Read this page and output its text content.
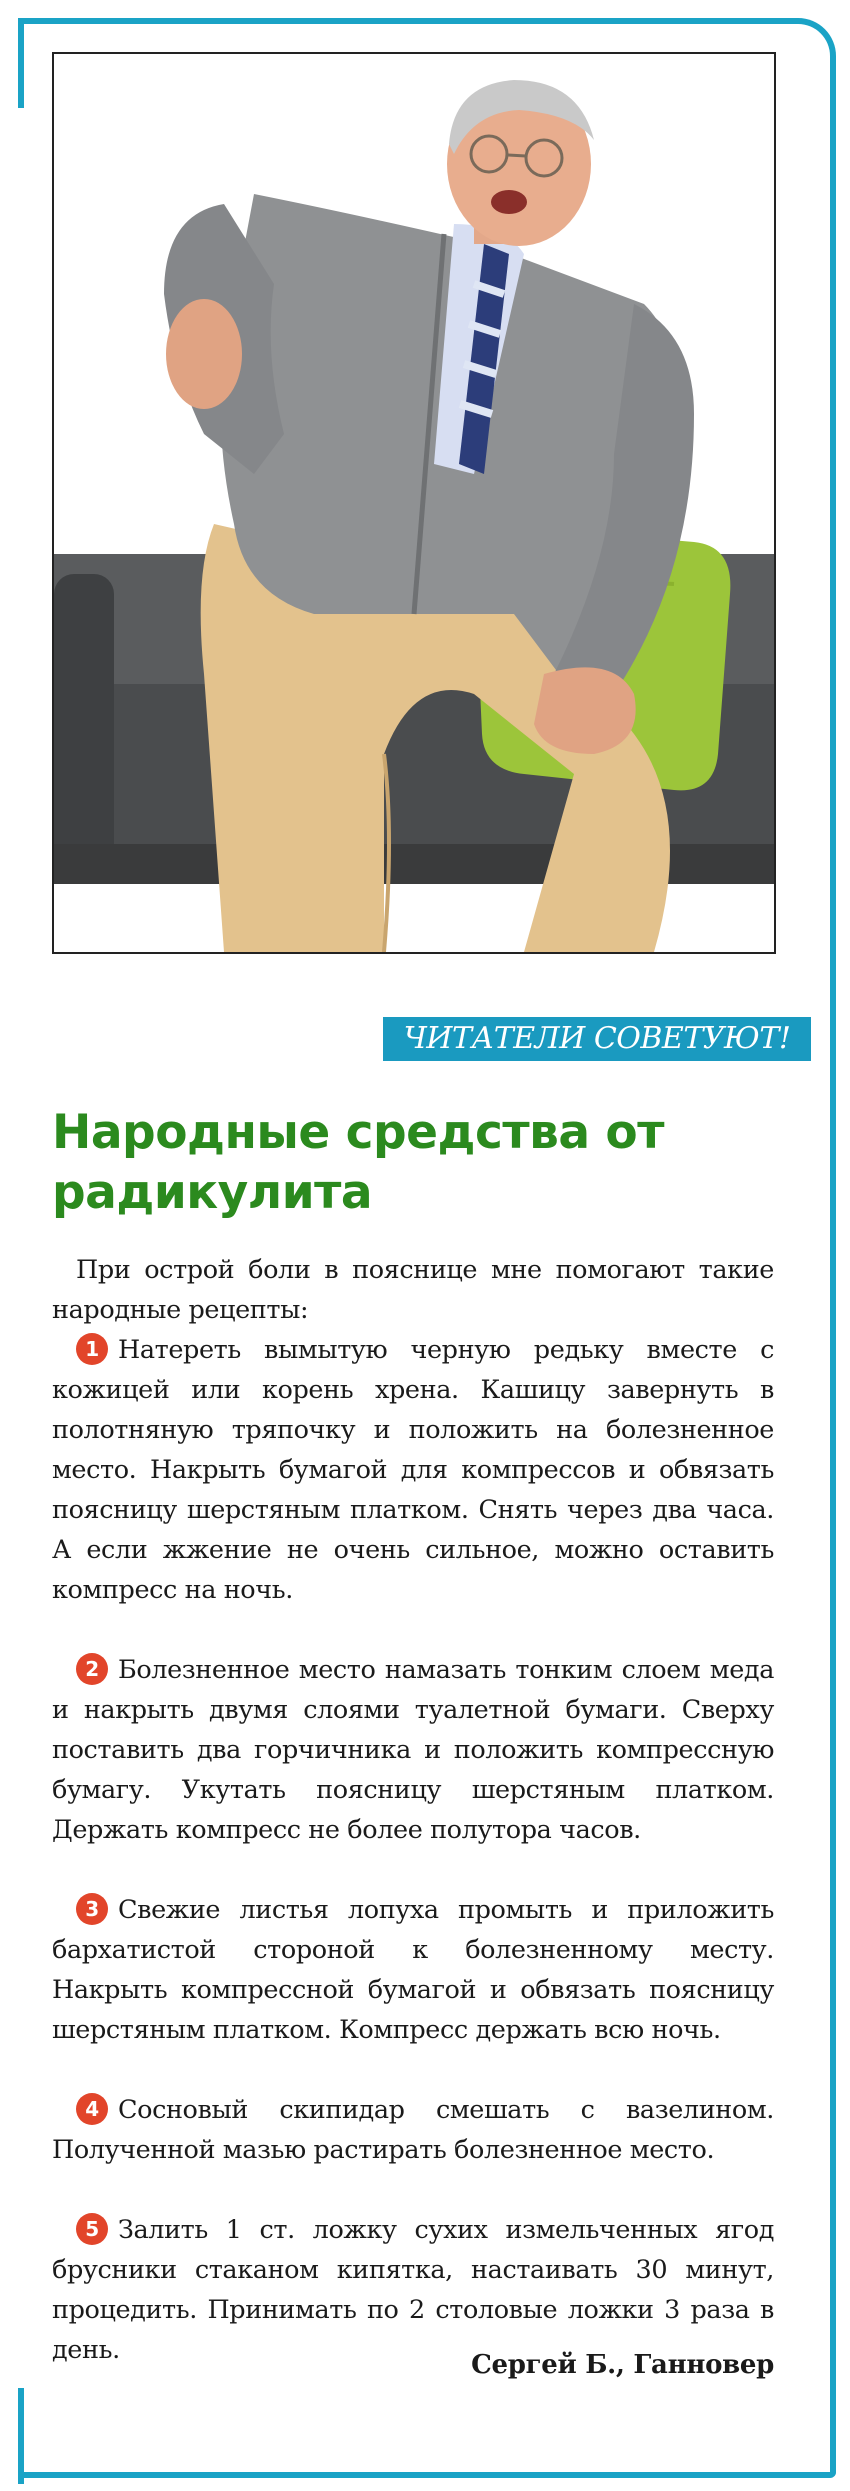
ЧИТАТЕЛИ СОВЕТУЮТ!
Народные средства от радикулита

При острой боли в пояснице мне помогают такие народные рецепты:

1 Натереть вымытую черную редьку вместе с кожицей или корень хрена. Кашицу завернуть в полотняную тряпочку и положить на болезненное место. Накрыть бумагой для компрессов и обвязать поясницу шерстяным платком. Снять через два часа. А если жжение не очень сильное, можно оставить компресс на ночь.

2 Болезненное место намазать тонким слоем меда и накрыть двумя слоями туалетной бумаги. Сверху поставить два горчичника и положить компрессную бумагу. Укутать поясницу шерстяным платком. Держать компресс не более полутора часов.

3 Свежие листья лопуха промыть и приложить бархатистой стороной к болезненному месту. Накрыть компрессной бумагой и обвязать поясницу шерстяным платком. Компресс держать всю ночь.

4 Сосновый скипидар смешать с вазелином. Полученной мазью растирать болезненное место.

5 Залить 1 ст. ложку сухих измельченных ягод брусники стаканом кипятка, настаивать 30 минут, процедить. Принимать по 2 столовые ложки 3 раза в день.	Сергей Б., Ганновер
